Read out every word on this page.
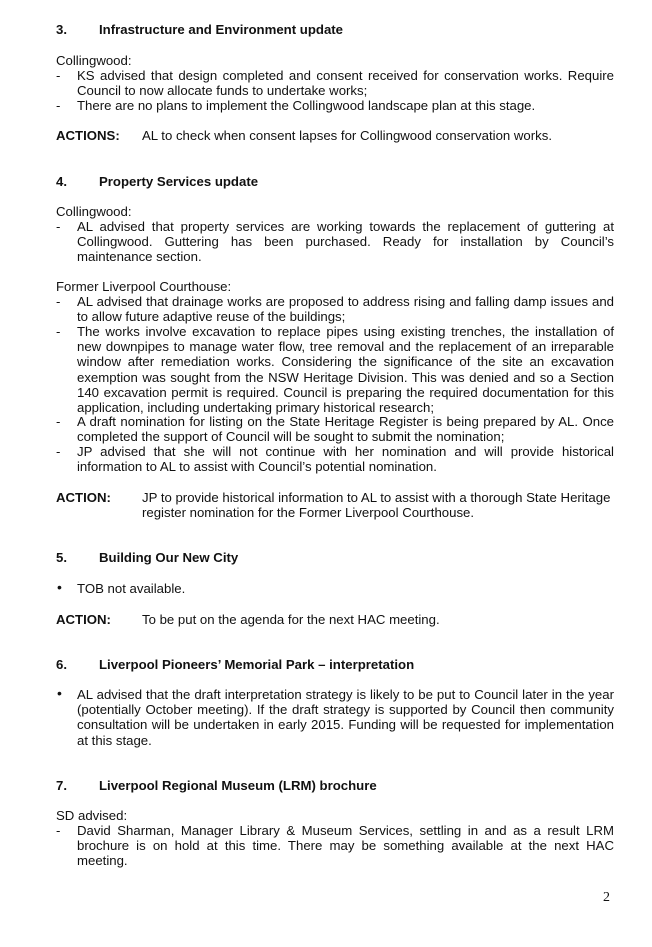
3. Infrastructure and Environment update
Collingwood:
- KS advised that design completed and consent received for conservation works. Require Council to now allocate funds to undertake works;
- There are no plans to implement the Collingwood landscape plan at this stage.
ACTIONS: AL to check when consent lapses for Collingwood conservation works.
4. Property Services update
Collingwood:
- AL advised that property services are working towards the replacement of guttering at Collingwood. Guttering has been purchased. Ready for installation by Council’s maintenance section.
Former Liverpool Courthouse:
- AL advised that drainage works are proposed to address rising and falling damp issues and to allow future adaptive reuse of the buildings;
- The works involve excavation to replace pipes using existing trenches, the installation of new downpipes to manage water flow, tree removal and the replacement of an irreparable window after remediation works. Considering the significance of the site an excavation exemption was sought from the NSW Heritage Division. This was denied and so a Section 140 excavation permit is required. Council is preparing the required documentation for this application, including undertaking primary historical research;
- A draft nomination for listing on the State Heritage Register is being prepared by AL. Once completed the support of Council will be sought to submit the nomination;
- JP advised that she will not continue with her nomination and will provide historical information to AL to assist with Council’s potential nomination.
ACTION: JP to provide historical information to AL to assist with a thorough State Heritage register nomination for the Former Liverpool Courthouse.
5. Building Our New City
• TOB not available.
ACTION: To be put on the agenda for the next HAC meeting.
6. Liverpool Pioneers’ Memorial Park – interpretation
• AL advised that the draft interpretation strategy is likely to be put to Council later in the year (potentially October meeting). If the draft strategy is supported by Council then community consultation will be undertaken in early 2015. Funding will be requested for implementation at this stage.
7. Liverpool Regional Museum (LRM) brochure
SD advised:
- David Sharman, Manager Library & Museum Services, settling in and as a result LRM brochure is on hold at this time. There may be something available at the next HAC meeting.
2
